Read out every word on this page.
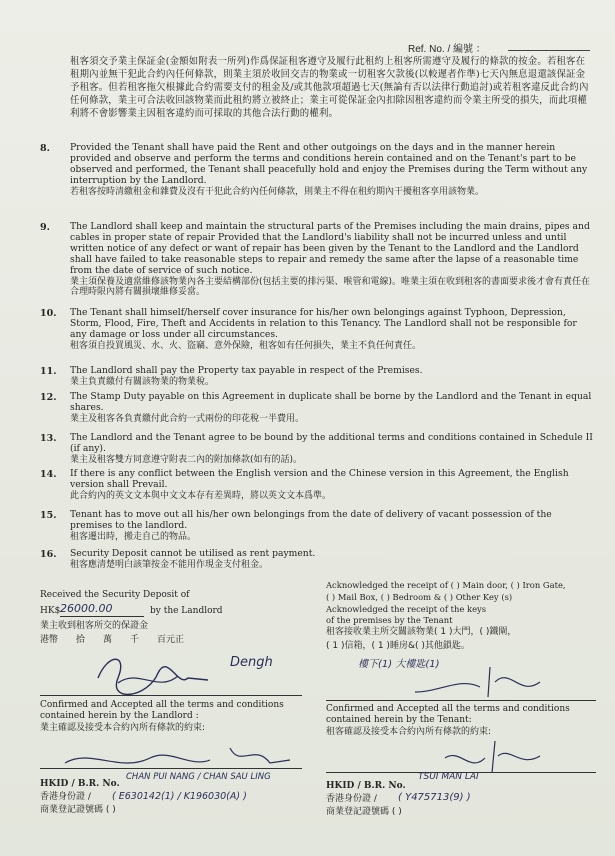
Ref. No. / 編號 ：
租客須交予業主保証金(金額如附表一所列)作爲保証租客遵守及履行此租約上租客所需遵守及履行的條款的按金。若租客在租期內並無干犯此合約內任何條款，則業主須於收回交吉的物業或一切租客欠款後(以較遲者作準)七天內無息退還該保証金予租客。但若租客拖欠根據此合約需要支付的租金及/或其他款項超過七天(無論有否以法律行動追討)或若租客違反此合約內任何條款，業主可合法收回該物業而此租約將立被終止；業主可從保証金內扣除因租客違約而令業主所受的損失，而此項權利將不會影響業主因租客違約而可採取的其他合法行動的權利。
8.	Provided the Tenant shall have paid the Rent and other outgoings on the days and in the manner herein provided and observe and perform the terms and conditions herein contained and on the Tenant's part to be observed and performed, the Tenant shall peacefully hold and enjoy the Premises during the Term without any interruption by the Landlord.
若租客按時清繳租金和雜費及沒有干犯此合約內任何條款，則業主不得在租約期內干擾租客享用該物業。
9.	The Landlord shall keep and maintain the structural parts of the Premises including the main drains, pipes and cables in proper state of repair Provided that the Landlord's liability shall not be incurred unless and until written notice of any defect or want of repair has been given by the Tenant to the Landlord and the Landlord shall have failed to take reasonable steps to repair and remedy the same after the lapse of a reasonable time from the date of service of such notice.
業主須保養及適當維修該物業內各主要結構部份(包括主要的排污渠、喉管和電線)。唯業主須在收到租客的書面要求後才會有責任在合理時限內將有關損壞維修妥當。
10.	The Tenant shall himself/herself cover insurance for his/her own belongings against Typhoon, Depression, Storm, Flood, Fire, Theft and Accidents in relation to this Tenancy. The Landlord shall not be responsible for any damage or loss under all circumstances.
租客須自投買風災、水、火、盜竊、意外保險，租客如有任何損失，業主不負任何責任。
11.	The Landlord shall pay the Property tax payable in respect of the Premises.
業主負責繳付有關該物業的物業稅。
12.	The Stamp Duty payable on this Agreement in duplicate shall be borne by the Landlord and the Tenant in equal shares.
業主及租客各負責繳付此合約一式兩份的印花稅一半費用。
13.	The Landlord and the Tenant agree to be bound by the additional terms and conditions contained in Schedule II (if any).
業主及租客雙方同意遵守附表二內的附加條款(如有的話)。
14.	If there is any conflict between the English version and the Chinese version in this Agreement, the English version shall Prevail.
此合約內的英文文本與中文文本存有差異時，將以英文文本爲準。
15.	Tenant has to move out all his/her own belongings from the date of delivery of vacant possession of the premises to the landlord.
租客遷出時，搬走自己的物品。
16.	Security Deposit cannot be utilised as rent payment.
租客應清楚明白該筆按金不能用作現金支付租金。
Received the Security Deposit of
HK$ 26000.00	by the Landlord
業主收到租客所交的保證金
港幣　　拾　　萬　　千　　百元正
Dengh
Confirmed and Accepted all the terms and conditions
contained herein by the Landlord :
業主確認及接受本合約內所有條款的約束:
HKID / B.R. No.
CHAN PUI NANG / CHAN SAU LING
香港身份證 / ( E630142(1) / K196030(A) )
商業登記證號碼 ( )
Acknowledged the receipt of ( ) Main door, ( ) Iron Gate,
( ) Mail Box, ( ) Bedroom & ( ) Other Key (s)
Acknowledged the receipt of the keys
of the premises by the Tenant
租客接收業主所交關該物業( 1 )大門，( )鐵閘，
( 1 )信箱，( 1 )睡房&( )其他鎖匙。
樓下(1) 大樓匙(1)
Confirmed and Accepted all the terms and conditions
contained herein by the Tenant:
租客確認及接受本合約內所有條款的約束:
HKID / B.R. No.
TSUI MAN LAI
香港身份證 / ( Y475713(9) )
商業登記證號碼 ( )
